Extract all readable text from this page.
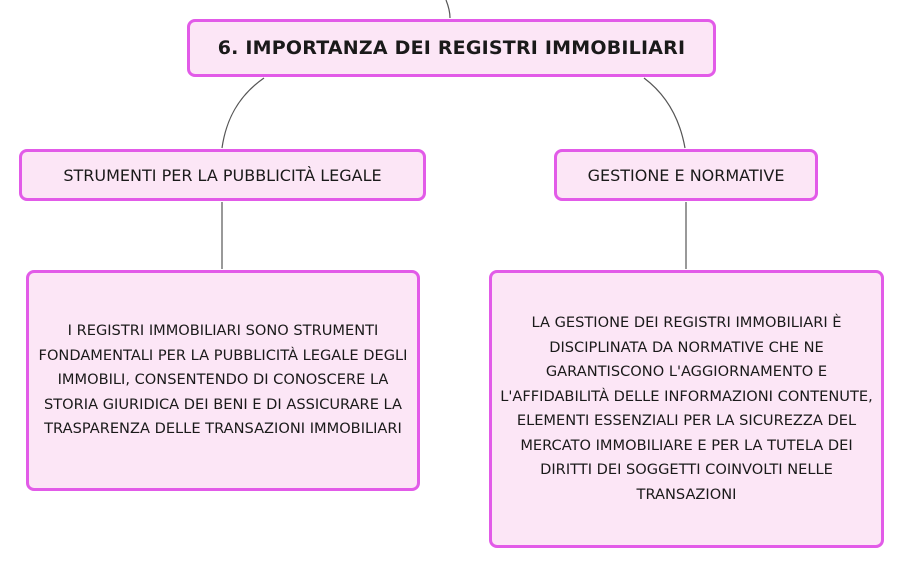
6. IMPORTANZA DEI REGISTRI IMMOBILIARI
STRUMENTI PER LA PUBBLICITÀ LEGALE	GESTIONE E NORMATIVE
I REGISTRI IMMOBILIARI SONO STRUMENTI FONDAMENTALI PER LA PUBBLICITÀ LEGALE DEGLI IMMOBILI, CONSENTENDO DI CONOSCERE LA STORIA GIURIDICA DEI BENI E DI ASSICURARE LA TRASPARENZA DELLE TRANSAZIONI IMMOBILIARI
LA GESTIONE DEI REGISTRI IMMOBILIARI È DISCIPLINATA DA NORMATIVE CHE NE GARANTISCONO L'AGGIORNAMENTO E L'AFFIDABILITÀ DELLE INFORMAZIONI CONTENUTE, ELEMENTI ESSENZIALI PER LA SICUREZZA DEL MERCATO IMMOBILIARE E PER LA TUTELA DEI DIRITTI DEI SOGGETTI COINVOLTI NELLE TRANSAZIONI
